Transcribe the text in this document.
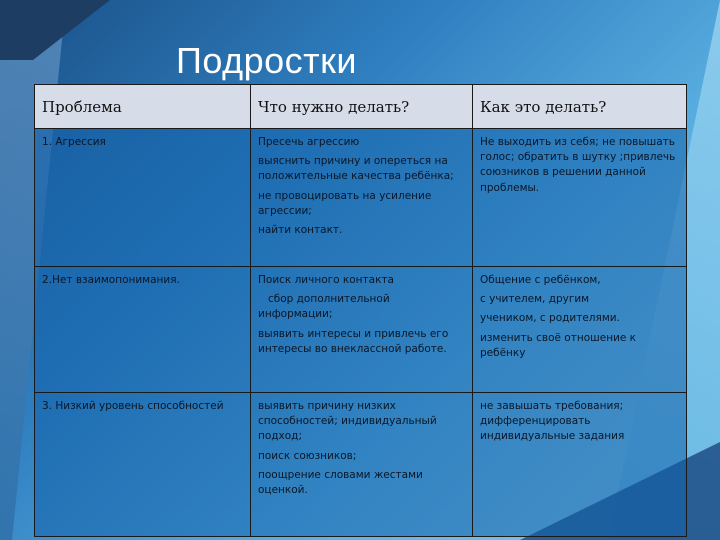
Подростки
Проблема	Что нужно делать?	Как это делать?
1. Агрессия	Пресечь агрессию
выяснить причину и опереться на положительные качества ребёнка;
не провоцировать на усиление агрессии;
найти контакт.	Не выходить из себя; не повышать голос; обратить в шутку ;привлечь союзников в решении данной проблемы.

2.Нет взаимопонимания.	Поиск личного контакта
сбор дополнительной информации;
выявить интересы и привлечь его интересы во внеклассной работе.	Общение с ребёнком,
с учителем, другим
учеником, с родителями.
изменить своё отношение к ребёнку

3. Низкий уровень способностей	выявить причину низких способностей; индивидуальный подход;
поиск союзников;
поощрение словами жестами оценкой.	не завышать требования; дифференцировать индивидуальные задания
